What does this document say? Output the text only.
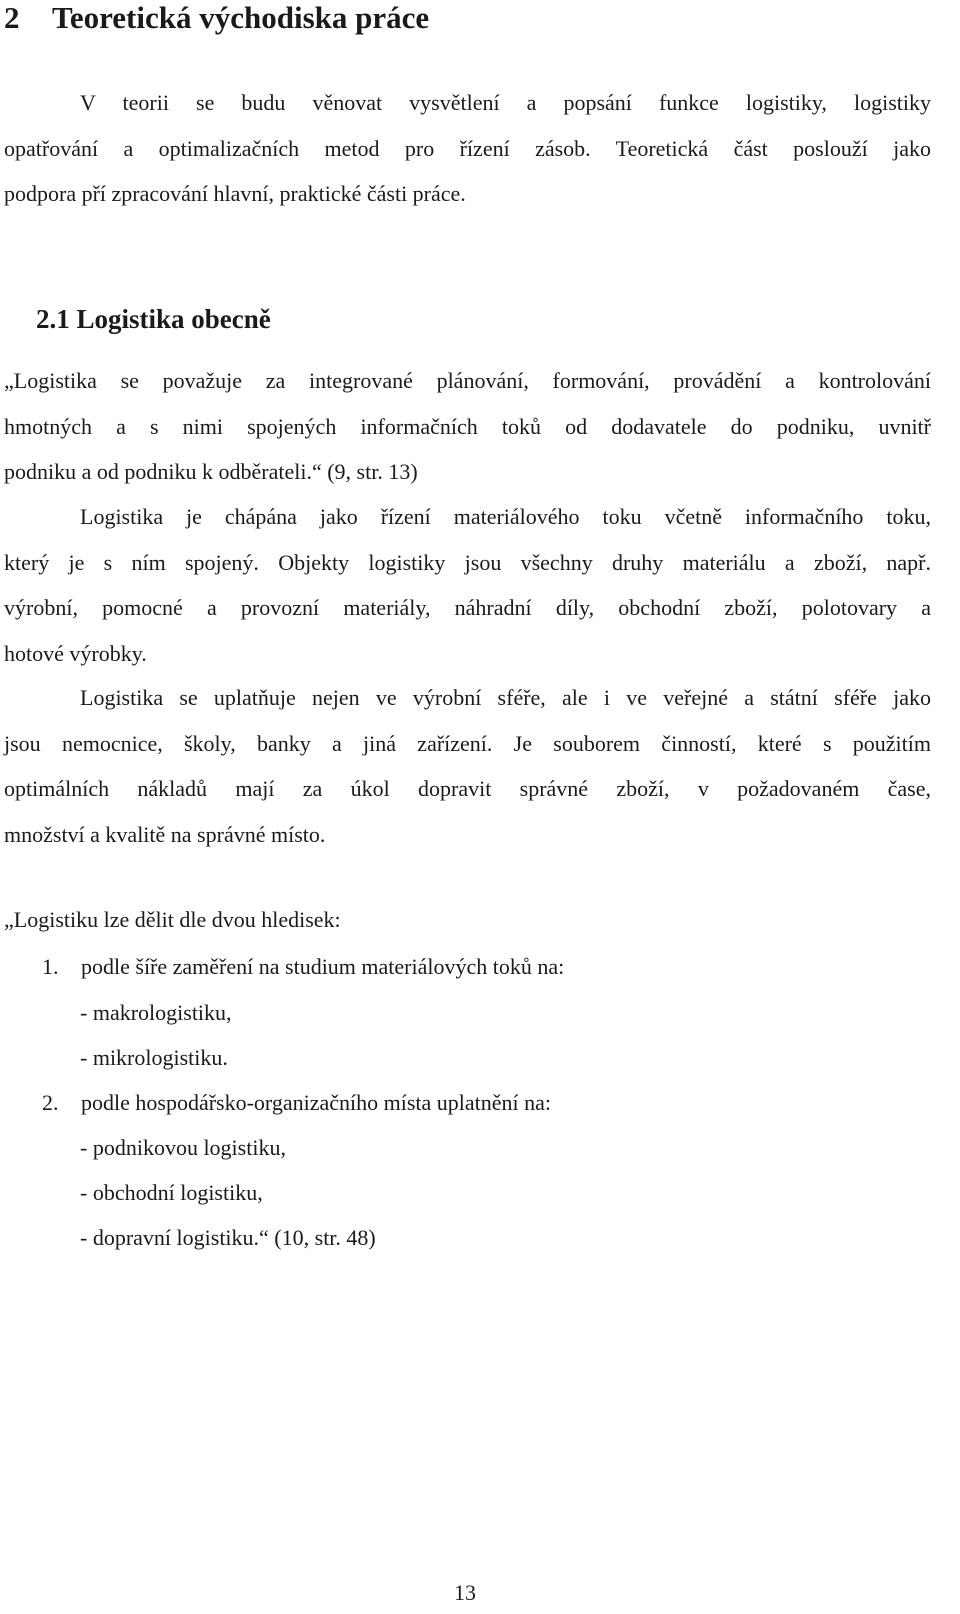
2 Teoretická východiska práce
V teorii se budu věnovat vysvětlení a popsání funkce logistiky, logistiky
opatřování a optimalizačních metod pro řízení zásob. Teoretická část poslouží jako
podpora pří zpracování hlavní, praktické části práce.
2.1 Logistika obecně
„Logistika se považuje za integrované plánování, formování, provádění a kontrolování
hmotných a s nimi spojených informačních toků od dodavatele do podniku, uvnitř
podniku a od podniku k odběrateli.“ (9, str. 13)
Logistika je chápána jako řízení materiálového toku včetně informačního toku,
který je s ním spojený. Objekty logistiky jsou všechny druhy materiálu a zboží, např.
výrobní, pomocné a provozní materiály, náhradní díly, obchodní zboží, polotovary a
hotové výrobky.
Logistika se uplatňuje nejen ve výrobní sféře, ale i ve veřejné a státní sféře jako
jsou nemocnice, školy, banky a jiná zařízení. Je souborem činností, které s použitím
optimálních nákladů mají za úkol dopravit správné zboží, v požadovaném čase,
množství a kvalitě na správné místo.
„Logistiku lze dělit dle dvou hledisek:
1. podle šíře zaměření na studium materiálových toků na:
- makrologistiku,
- mikrologistiku.
2. podle hospodářsko-organizačního místa uplatnění na:
- podnikovou logistiku,
- obchodní logistiku,
- dopravní logistiku.“ (10, str. 48)
13
